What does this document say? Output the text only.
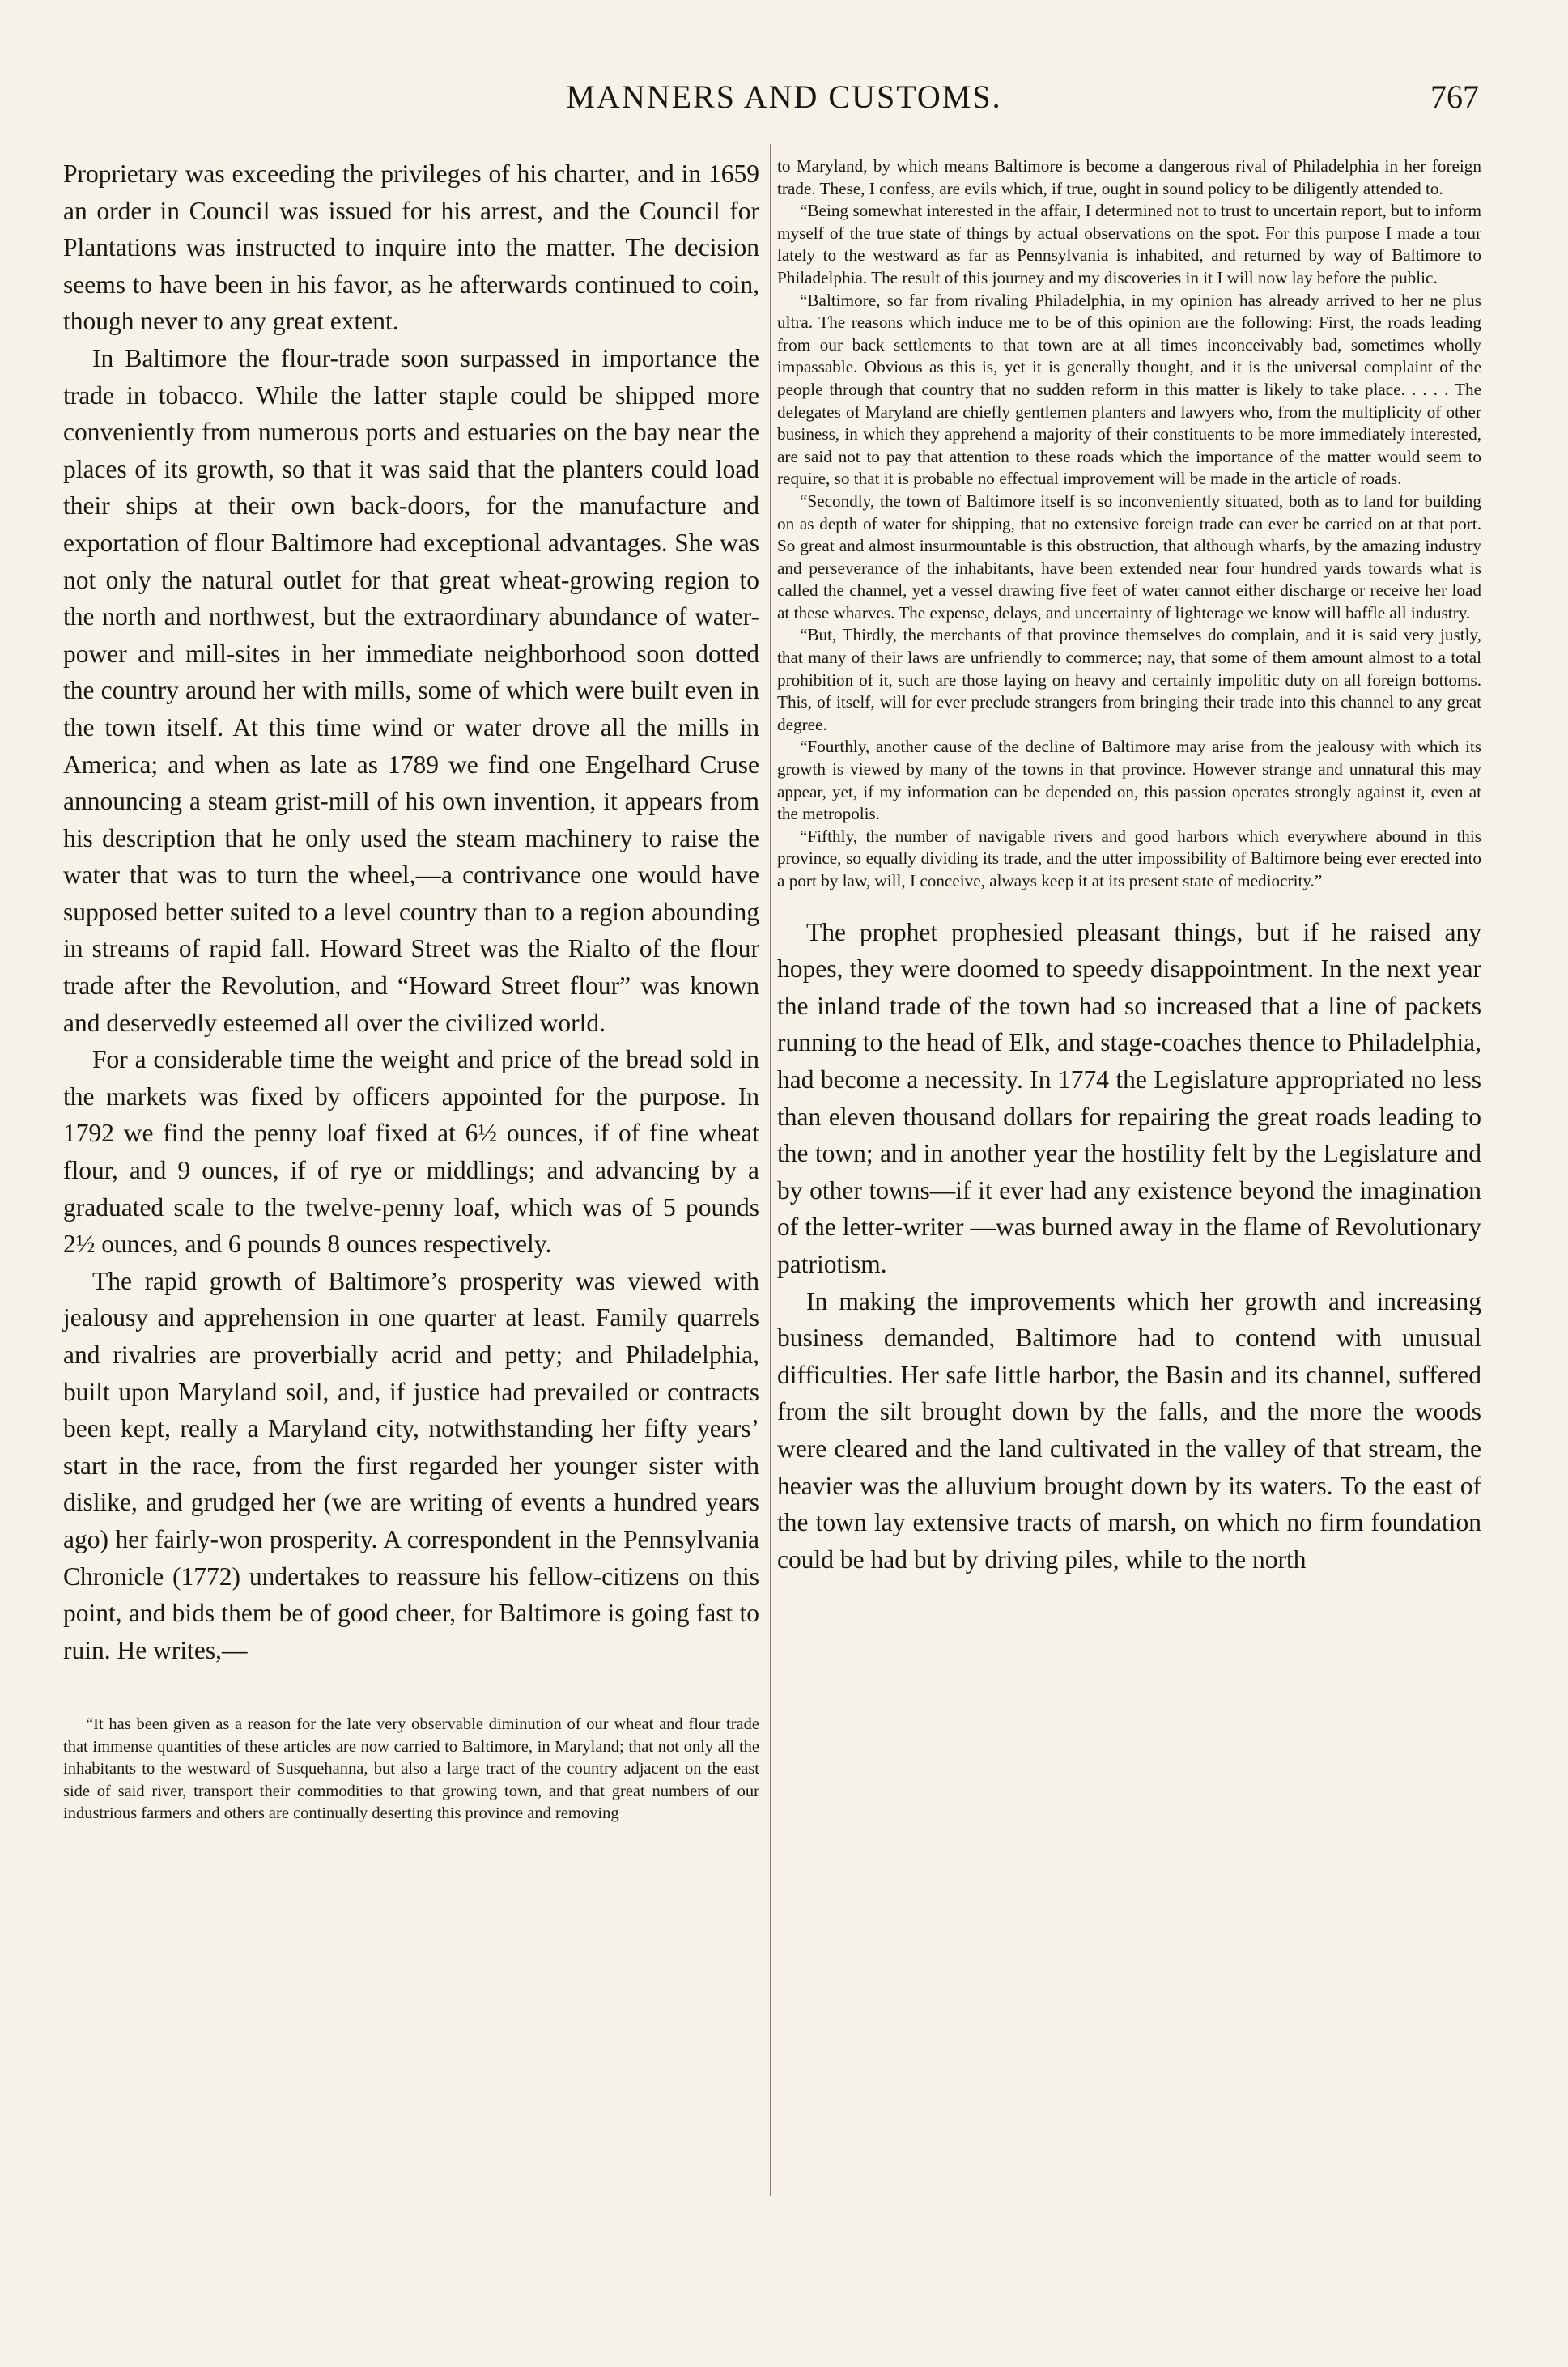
MANNERS AND CUSTOMS.	767

Proprietary was exceeding the privileges of his charter, and in 1659 an order in Council was issued for his arrest, and the Council for Plantations was instructed to inquire into the matter. The decision seems to have been in his favor, as he afterwards continued to coin, though never to any great extent.

In Baltimore the flour-trade soon surpassed in importance the trade in tobacco. While the latter staple could be shipped more conveniently from numerous ports and estuaries on the bay near the places of its growth, so that it was said that the planters could load their ships at their own back-doors, for the manufacture and exportation of flour Baltimore had exceptional advantages. She was not only the natural outlet for that great wheat-growing region to the north and northwest, but the extraordinary abundance of water-power and mill-sites in her immediate neighborhood soon dotted the country around her with mills, some of which were built even in the town itself. At this time wind or water drove all the mills in America; and when as late as 1789 we find one Engelhard Cruse announcing a steam grist-mill of his own invention, it appears from his description that he only used the steam machinery to raise the water that was to turn the wheel,—a contrivance one would have supposed better suited to a level country than to a region abounding in streams of rapid fall. Howard Street was the Rialto of the flour trade after the Revolution, and “Howard Street flour” was known and deservedly esteemed all over the civilized world.

For a considerable time the weight and price of the bread sold in the markets was fixed by officers appointed for the purpose. In 1792 we find the penny loaf fixed at 6½ ounces, if of fine wheat flour, and 9 ounces, if of rye or middlings; and advancing by a graduated scale to the twelve-penny loaf, which was of 5 pounds 2½ ounces, and 6 pounds 8 ounces respectively.

The rapid growth of Baltimore’s prosperity was viewed with jealousy and apprehension in one quarter at least. Family quarrels and rivalries are proverbially acrid and petty; and Philadelphia, built upon Maryland soil, and, if justice had prevailed or contracts been kept, really a Maryland city, notwithstanding her fifty years’ start in the race, from the first regarded her younger sister with dislike, and grudged her (we are writing of events a hundred years ago) her fairly-won prosperity. A correspondent in the Pennsylvania Chronicle (1772) undertakes to reassure his fellow-citizens on this point, and bids them be of good cheer, for Baltimore is going fast to ruin. He writes,—

“It has been given as a reason for the late very observable diminution of our wheat and flour trade that immense quantities of these articles are now carried to Baltimore, in Maryland; that not only all the inhabitants to the westward of Susquehanna, but also a large tract of the country adjacent on the east side of said river, transport their commodities to that growing town, and that great numbers of our industrious farmers and others are continually deserting this province and removing

to Maryland, by which means Baltimore is become a dangerous rival of Philadelphia in her foreign trade. These, I confess, are evils which, if true, ought in sound policy to be diligently attended to.

“Being somewhat interested in the affair, I determined not to trust to uncertain report, but to inform myself of the true state of things by actual observations on the spot. For this purpose I made a tour lately to the westward as far as Pennsylvania is inhabited, and returned by way of Baltimore to Philadelphia. The result of this journey and my discoveries in it I will now lay before the public.

“Baltimore, so far from rivaling Philadelphia, in my opinion has already arrived to her ne plus ultra. The reasons which induce me to be of this opinion are the following: First, the roads leading from our back settlements to that town are at all times inconceivably bad, sometimes wholly impassable. Obvious as this is, yet it is generally thought, and it is the universal complaint of the people through that country that no sudden reform in this matter is likely to take place. . . . . The delegates of Maryland are chiefly gentlemen planters and lawyers who, from the multiplicity of other business, in which they apprehend a majority of their constituents to be more immediately interested, are said not to pay that attention to these roads which the importance of the matter would seem to require, so that it is probable no effectual improvement will be made in the article of roads.

“Secondly, the town of Baltimore itself is so inconveniently situated, both as to land for building on as depth of water for shipping, that no extensive foreign trade can ever be carried on at that port. So great and almost insurmountable is this obstruction, that although wharfs, by the amazing industry and perseverance of the inhabitants, have been extended near four hundred yards towards what is called the channel, yet a vessel drawing five feet of water cannot either discharge or receive her load at these wharves. The expense, delays, and uncertainty of lighterage we know will baffle all industry.

“But, Thirdly, the merchants of that province themselves do complain, and it is said very justly, that many of their laws are unfriendly to commerce; nay, that some of them amount almost to a total prohibition of it, such are those laying on heavy and certainly impolitic duty on all foreign bottoms. This, of itself, will for ever preclude strangers from bringing their trade into this channel to any great degree.

“Fourthly, another cause of the decline of Baltimore may arise from the jealousy with which its growth is viewed by many of the towns in that province. However strange and unnatural this may appear, yet, if my information can be depended on, this passion operates strongly against it, even at the metropolis.

“Fifthly, the number of navigable rivers and good harbors which everywhere abound in this province, so equally dividing its trade, and the utter impossibility of Baltimore being ever erected into a port by law, will, I conceive, always keep it at its present state of mediocrity.”

The prophet prophesied pleasant things, but if he raised any hopes, they were doomed to speedy disappointment. In the next year the inland trade of the town had so increased that a line of packets running to the head of Elk, and stage-coaches thence to Philadelphia, had become a necessity. In 1774 the Legislature appropriated no less than eleven thousand dollars for repairing the great roads leading to the town; and in another year the hostility felt by the Legislature and by other towns—if it ever had any existence beyond the imagination of the letter-writer —was burned away in the flame of Revolutionary patriotism.

In making the improvements which her growth and increasing business demanded, Baltimore had to contend with unusual difficulties. Her safe little harbor, the Basin and its channel, suffered from the silt brought down by the falls, and the more the woods were cleared and the land cultivated in the valley of that stream, the heavier was the alluvium brought down by its waters. To the east of the town lay extensive tracts of marsh, on which no firm foundation could be had but by driving piles, while to the north
